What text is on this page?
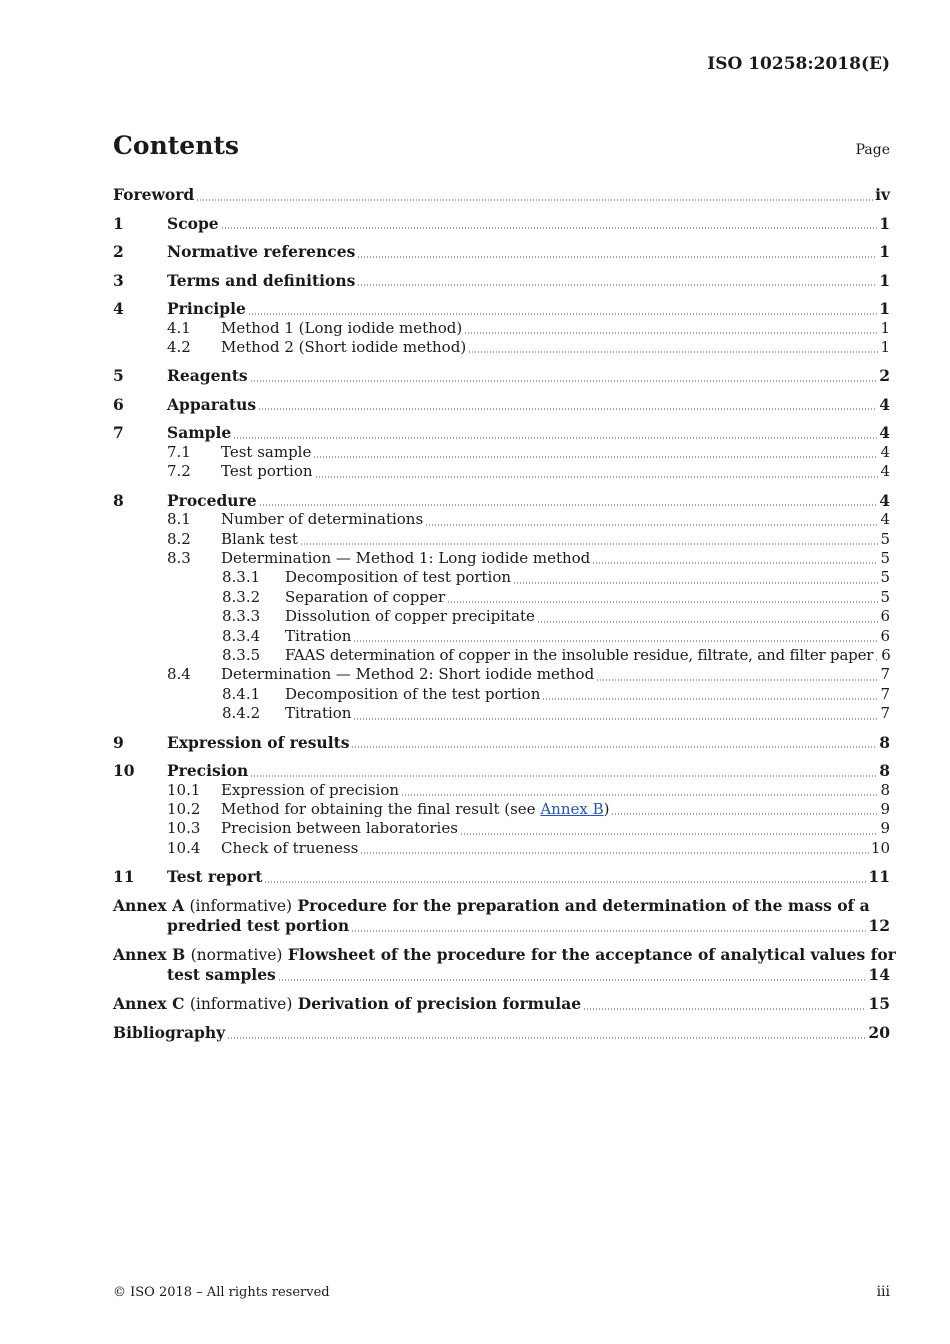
ISO 10258:2018(E)
Contents	Page
Foreword	iv
1	Scope	1
2	Normative references	1
3	Terms and definitions	1
4	Principle	1
4.1	Method 1 (Long iodide method)	1
4.2	Method 2 (Short iodide method)	1
5	Reagents	2
6	Apparatus	4
7	Sample	4
7.1	Test sample	4
7.2	Test portion	4
8	Procedure	4
8.1	Number of determinations	4
8.2	Blank test	5
8.3	Determination — Method 1: Long iodide method	5
8.3.1	Decomposition of test portion	5
8.3.2	Separation of copper	5
8.3.3	Dissolution of copper precipitate	6
8.3.4	Titration	6
8.3.5	FAAS determination of copper in the insoluble residue, filtrate, and filter paper 6
8.4	Determination — Method 2: Short iodide method	7
8.4.1	Decomposition of the test portion	7
8.4.2	Titration	7
9	Expression of results	8
10	Precision	8
10.1	Expression of precision	8
10.2	Method for obtaining the final result (see Annex B)	9
10.3	Precision between laboratories	9
10.4	Check of trueness	10
11	Test report	11
Annex A (informative) Procedure for the preparation and determination of the mass of a
predried test portion	12
Annex B (normative) Flowsheet of the procedure for the acceptance of analytical values for
test samples	14
Annex C (informative) Derivation of precision formulae	15
Bibliography	20
© ISO 2018 – All rights reserved	iii
